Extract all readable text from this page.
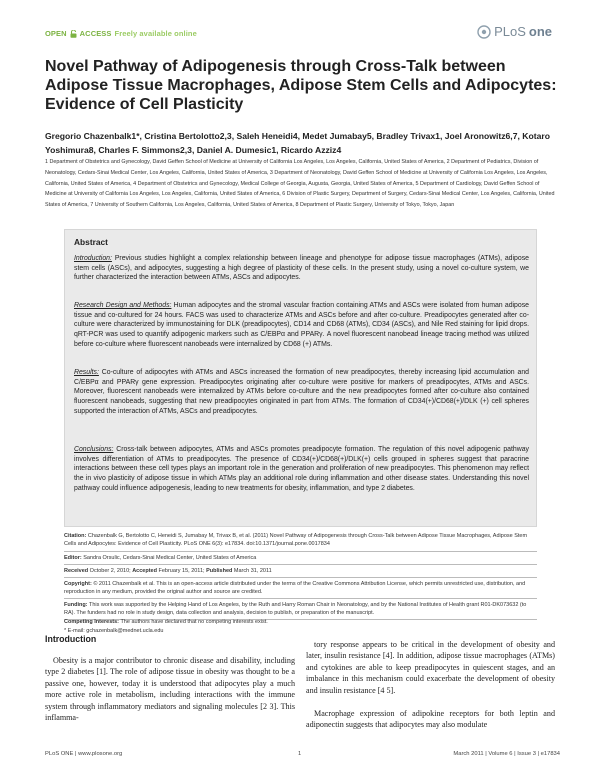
OPEN ACCESS Freely available online	PLoS one
Novel Pathway of Adipogenesis through Cross-Talk between Adipose Tissue Macrophages, Adipose Stem Cells and Adipocytes: Evidence of Cell Plasticity
Gregorio Chazenbalk1*, Cristina Bertolotto2,3, Saleh Heneidi4, Medet Jumabay5, Bradley Trivax1, Joel Aronowitz6,7, Kotaro Yoshimura8, Charles F. Simmons2,3, Daniel A. Dumesic1, Ricardo Azziz4
1 Department of Obstetrics and Gynecology, David Geffen School of Medicine at University of California Los Angeles, Los Angeles, California, United States of America, 2 Department of Pediatrics, Division of Neonatology, Cedars-Sinai Medical Center, Los Angeles, California, United States of America, 3 Department of Neonatology, David Geffen School of Medicine at University of California Los Angeles, Los Angeles, California, United States of America, 4 Department of Obstetrics and Gynecology, Medical College of Georgia, Augusta, Georgia, United States of America, 5 Department of Cardiology, David Geffen School of Medicine at University of California Los Angeles, Los Angeles, California, United States of America, 6 Division of Plastic Surgery, Department of Surgery, Cedars-Sinai Medical Center, Los Angeles, California, United States of America, 7 University of Southern California, Los Angeles, California, United States of America, 8 Department of Plastic Surgery, University of Tokyo, Tokyo, Japan
Abstract
Introduction: Previous studies highlight a complex relationship between lineage and phenotype for adipose tissue macrophages (ATMs), adipose stem cells (ASCs), and adipocytes, suggesting a high degree of plasticity of these cells. In the present study, using a novel co-culture system, we further characterized the interaction between ATMs, ASCs and adipocytes.
Research Design and Methods: Human adipocytes and the stromal vascular fraction containing ATMs and ASCs were isolated from human adipose tissue and co-cultured for 24 hours. FACS was used to characterize ATMs and ASCs before and after co-culture. Preadipocytes generated after co-culture were characterized by immunostaining for DLK (preadipocytes), CD14 and CD68 (ATMs), CD34 (ASCs), and Nile Red staining for lipid drops. qRT-PCR was used to quantify adipogenic markers such as C/EBPα and PPARγ. A novel fluorescent nanobead lineage tracing method was utilized before co-culture where fluorescent nanobeads were internalized by CD68 (+) ATMs.
Results: Co-culture of adipocytes with ATMs and ASCs increased the formation of new preadipocytes, thereby increasing lipid accumulation and C/EBPα and PPARγ gene expression. Preadipocytes originating after co-culture were positive for markers of preadipocytes, ATMs and ASCs. Moreover, fluorescent nanobeads were internalized by ATMs before co-culture and the new preadipocytes formed after co-culture also contained fluorescent nanobeads, suggesting that new preadipocytes originated in part from ATMs. The formation of CD34(+)/CD68(+)/DLK (+) cell spheres supported the interaction of ATMs, ASCs and preadipocytes.
Conclusions: Cross-talk between adipocytes, ATMs and ASCs promotes preadipocyte formation. The regulation of this novel adipogenic pathway involves differentiation of ATMs to preadipocytes. The presence of CD34(+)/CD68(+)/DLK(+) cells grouped in spheres suggest that paracrine interactions between these cell types plays an important role in the generation and proliferation of new preadipocytes. This phenomenon may reflect the in vivo plasticity of adipose tissue in which ATMs play an additional role during inflammation and other disease states. Understanding this novel pathway could influence adipogenesis, leading to new treatments for obesity, inflammation, and type 2 diabetes.
Citation: Chazenbalk G, Bertolotto C, Heneidi S, Jumabay M, Trivax B, et al. (2011) Novel Pathway of Adipogenesis through Cross-Talk between Adipose Tissue Macrophages, Adipose Stem Cells and Adipocytes: Evidence of Cell Plasticity. PLoS ONE 6(3): e17834. doi:10.1371/journal.pone.0017834
Editor: Sandra Orsulic, Cedars-Sinai Medical Center, United States of America
Received October 2, 2010; Accepted February 15, 2011; Published March 31, 2011
Copyright: © 2011 Chazenbalk et al. This is an open-access article distributed under the terms of the Creative Commons Attribution License, which permits unrestricted use, distribution, and reproduction in any medium, provided the original author and source are credited.
Funding: This work was supported by the Helping Hand of Los Angeles, by the Ruth and Harry Roman Chair in Neonatology, and by the National Institutes of Health grant R01-DK073632 (to RA). The funders had no role in study design, data collection and analysis, decision to publish, or preparation of the manuscript.
Competing Interests: The authors have declared that no competing interests exist.
* E-mail: gchazenbalk@mednet.ucla.edu
Introduction
Obesity is a major contributor to chronic disease and disability, including type 2 diabetes [1]. The role of adipose tissue in obesity was thought to be a passive one, however, today it is understood that adipocytes play a much more active role in metabolism, including interactions with the immune system through inflammatory mediators and signaling molecules [2 3]. This inflamma-
tory response appears to be critical in the development of obesity and later, insulin resistance [4]. In addition, adipose tissue macrophages (ATMs) and cytokines are able to keep preadipocytes in quiescent stages, and an imbalance in this mechanism could exacerbate the development of obesity and insulin resistance [4 5].
Macrophage expression of adipokine receptors for both leptin and adiponectin suggests that adipocytes may also modulate
PLoS ONE | www.plosone.org	1	March 2011 | Volume 6 | Issue 3 | e17834
